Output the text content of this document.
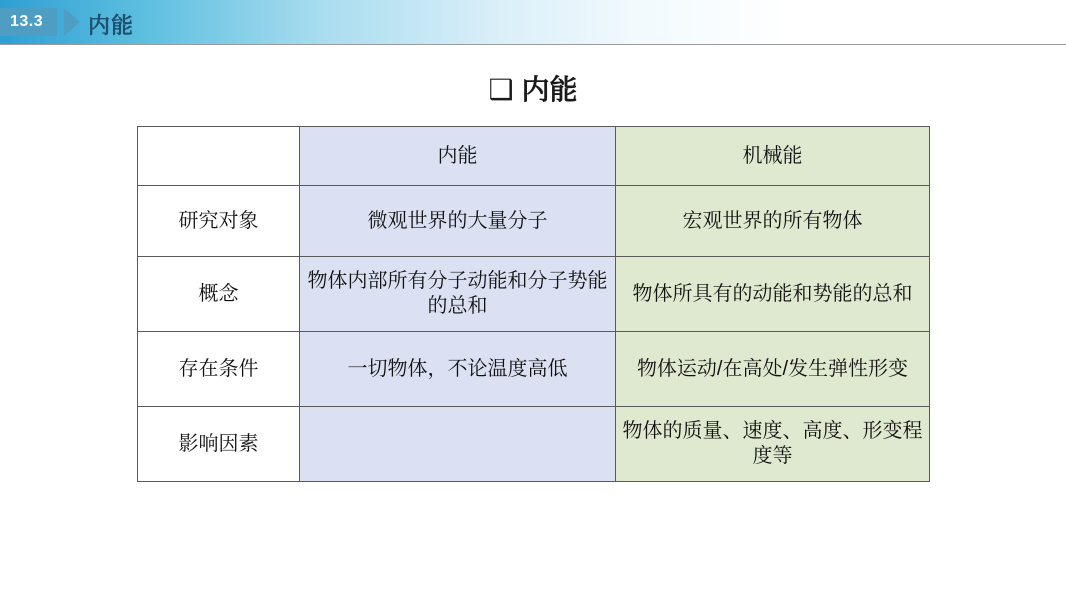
13.3 内能
❑ 内能
	内能	机械能
研究对象	微观世界的大量分子	宏观世界的所有物体
概念	物体内部所有分子动能和分子势能的总和	物体所具有的动能和势能的总和
存在条件	一切物体，不论温度高低	物体运动/在高处/发生弹性形变
影响因素		物体的质量、速度、高度、形变程度等
